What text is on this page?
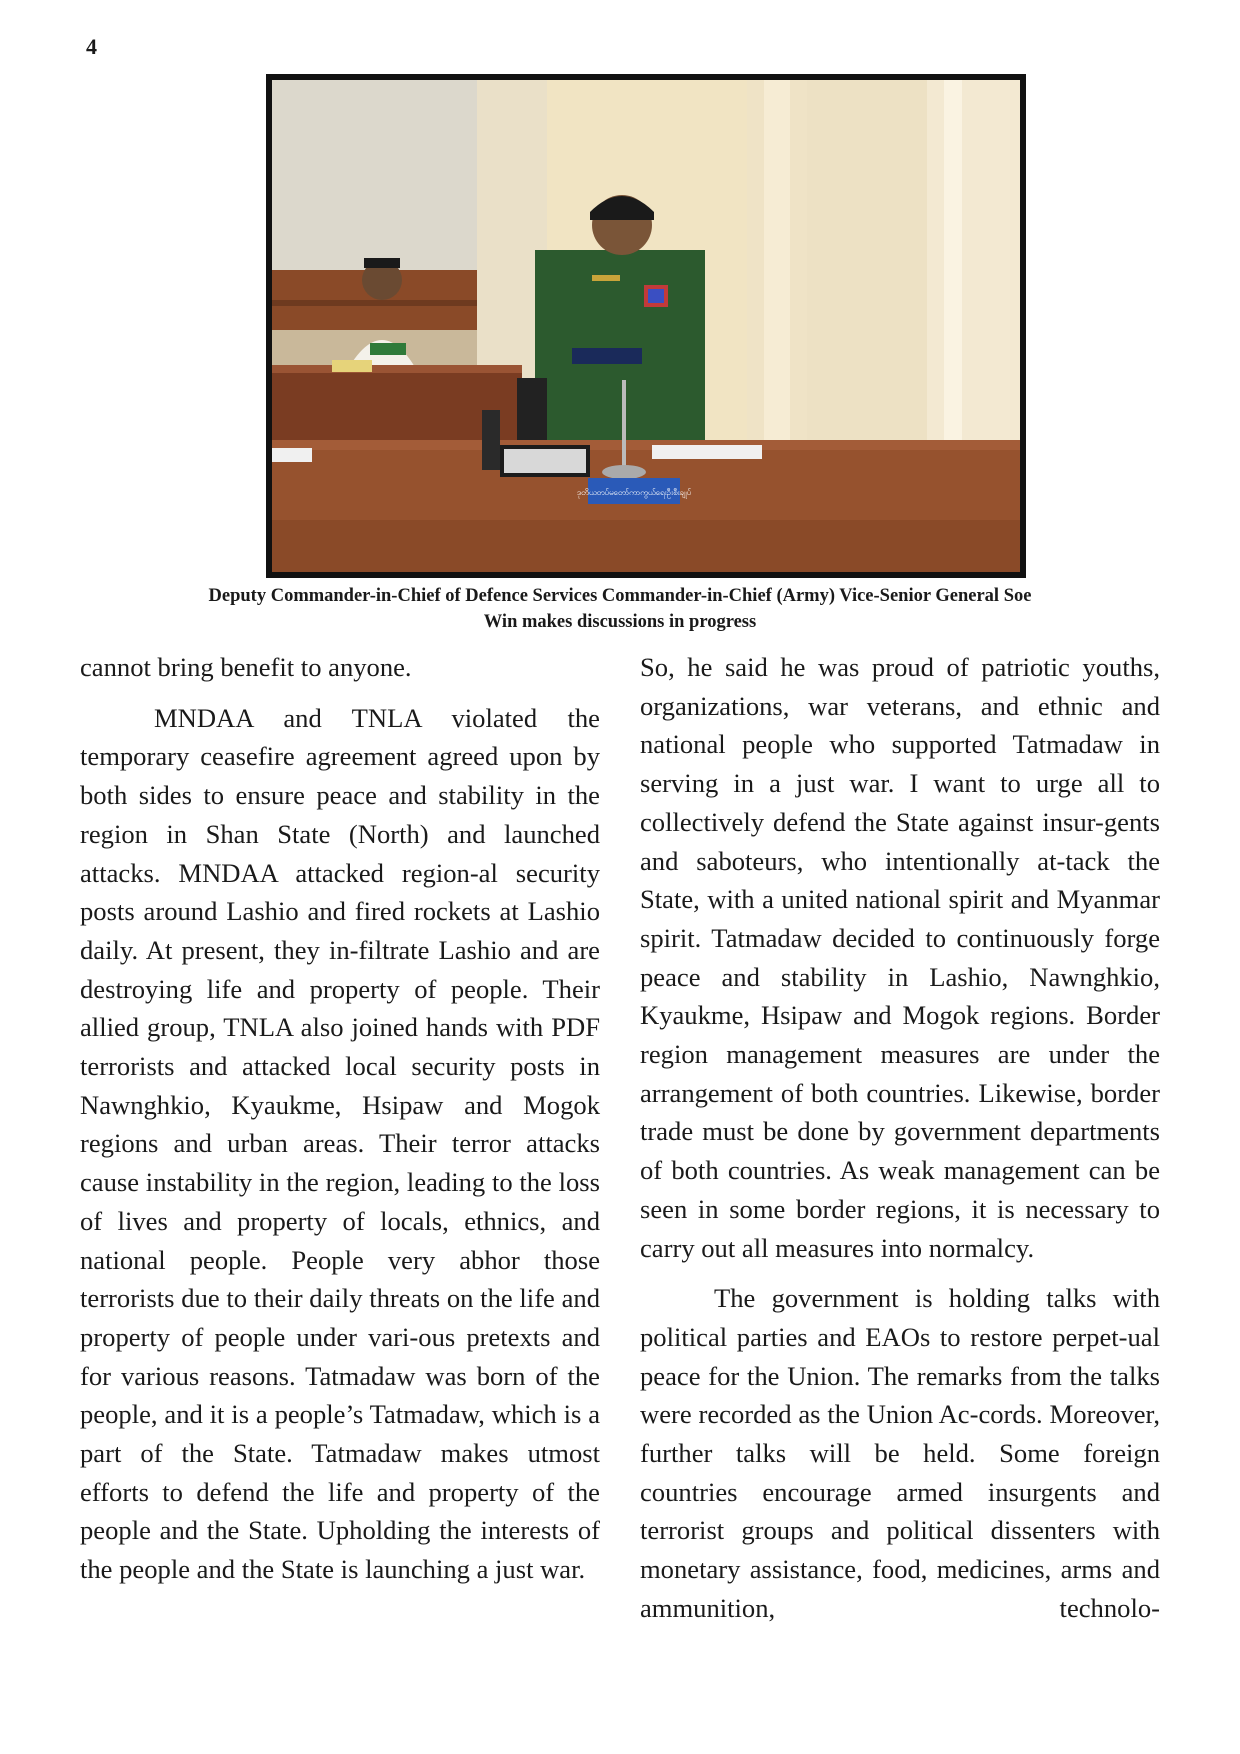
4
ဒုတိယတပ်မတော်ကာကွယ်ရေးဦးစီးချုပ်
Deputy Commander-in-Chief of Defence Services Commander-in-Chief (Army) Vice-Senior General Soe
Win makes discussions in progress

cannot bring benefit to anyone.

MNDAA and TNLA violated the temporary ceasefire agreement agreed upon by both sides to ensure peace and stability in the region in Shan State (North) and launched attacks. MNDAA attacked region-al security posts around Lashio and fired rockets at Lashio daily. At present, they in-filtrate Lashio and are destroying life and property of people. Their allied group, TNLA also joined hands with PDF terrorists and attacked local security posts in Nawnghkio, Kyaukme, Hsipaw and Mogok regions and urban areas. Their terror attacks cause instability in the region, leading to the loss of lives and property of locals, ethnics, and national people. People very abhor those terrorists due to their daily threats on the life and property of people under vari-ous pretexts and for various reasons. Tatmadaw was born of the people, and it is a people’s Tatmadaw, which is a part of the State. Tatmadaw makes utmost efforts to defend the life and property of the people and the State. Upholding the interests of the people and the State is launching a just war.

So, he said he was proud of patriotic youths, organizations, war veterans, and ethnic and national people who supported Tatmadaw in serving in a just war. I want to urge all to collectively defend the State against insur-gents and saboteurs, who intentionally at-tack the State, with a united national spirit and Myanmar spirit. Tatmadaw decided to continuously forge peace and stability in Lashio, Nawnghkio, Kyaukme, Hsipaw and Mogok regions. Border region management measures are under the arrangement of both countries. Likewise, border trade must be done by government departments of both countries. As weak management can be seen in some border regions, it is necessary to carry out all measures into normalcy.

The government is holding talks with political parties and EAOs to restore perpet-ual peace for the Union. The remarks from the talks were recorded as the Union Ac-cords. Moreover, further talks will be held. Some foreign countries encourage armed insurgents and terrorist groups and political dissenters with monetary assistance, food, medicines, arms and ammunition, technolo-
